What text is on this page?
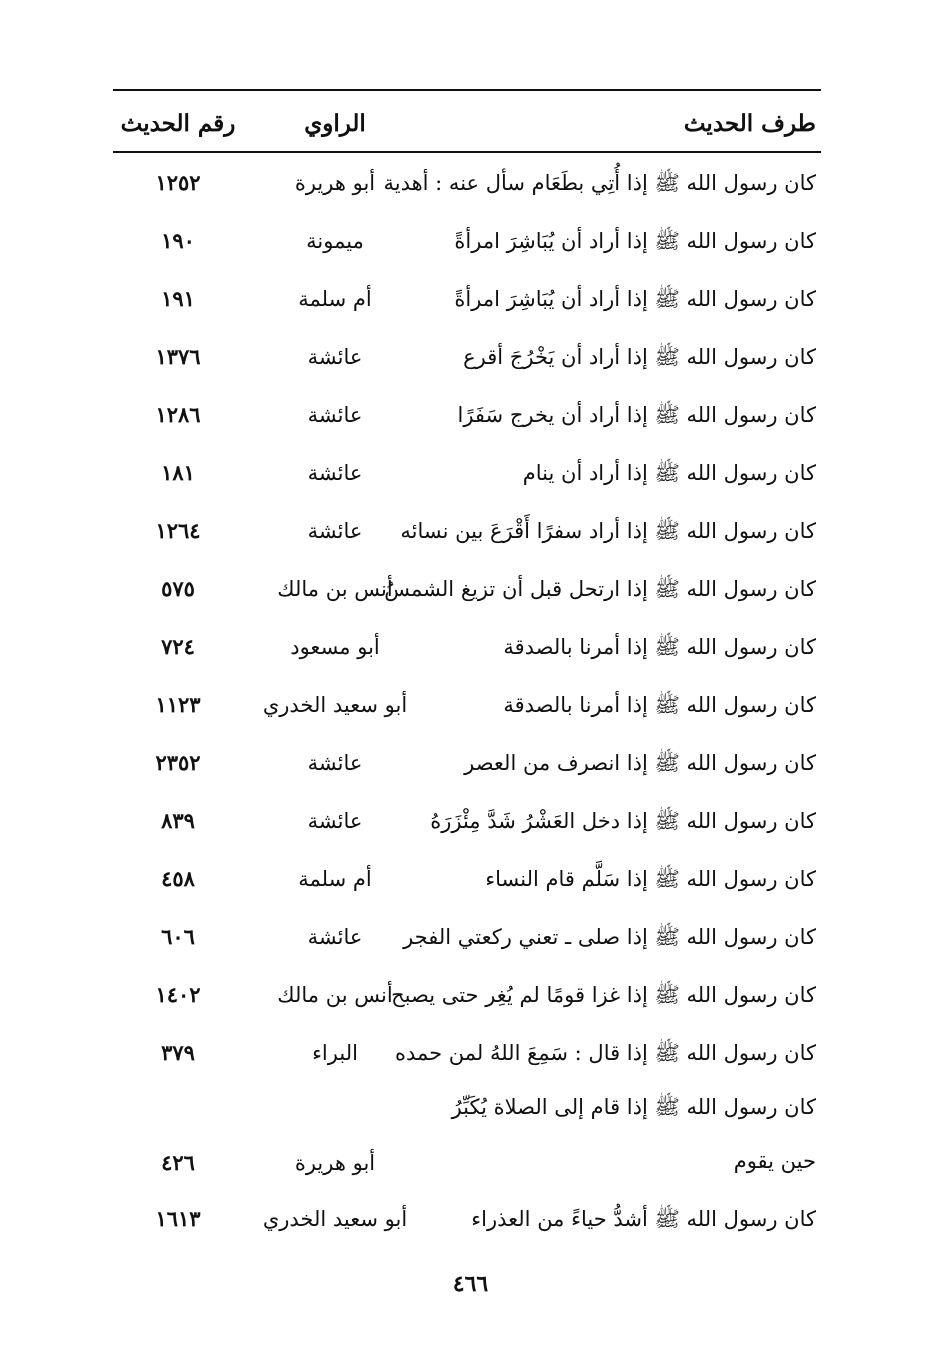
طرف الحديث
الراوي
رقم الحديث
كان رسول الله ﷺ إذا أُتِي بطَعَام سأل عنه : أهدية
أبو هريرة
١٢٥٢
كان رسول الله ﷺ إذا أراد أن يُبَاشِرَ امرأةً
ميمونة
١٩٠
كان رسول الله ﷺ إذا أراد أن يُبَاشِرَ امرأةً
أم سلمة
١٩١
كان رسول الله ﷺ إذا أراد أن يَخْرُجَ أقرع
عائشة
١٣٧٦
كان رسول الله ﷺ إذا أراد أن يخرج سَفَرًا
عائشة
١٢٨٦
كان رسول الله ﷺ إذا أراد أن ينام
عائشة
١٨١
كان رسول الله ﷺ إذا أراد سفرًا أَقْرَعَ بين نسائه
عائشة
١٢٦٤
كان رسول الله ﷺ إذا ارتحل قبل أن تزيغ الشمسُ
أنس بن مالك
٥٧٥
كان رسول الله ﷺ إذا أمرنا بالصدقة
أبو مسعود
٧٢٤
كان رسول الله ﷺ إذا أمرنا بالصدقة
أبو سعيد الخدري
١١٢٣
كان رسول الله ﷺ إذا انصرف من العصر
عائشة
٢٣٥٢
كان رسول الله ﷺ إذا دخل العَشْرُ شَدَّ مِئْزَرَهُ
عائشة
٨٣٩
كان رسول الله ﷺ إذا سَلَّم قام النساء
أم سلمة
٤٥٨
كان رسول الله ﷺ إذا صلى ـ تعني ركعتي الفجر
عائشة
٦٠٦
كان رسول الله ﷺ إذا غزا قومًا لم يُغِر حتى يصبح
أنس بن مالك
١٤٠٢
كان رسول الله ﷺ إذا قال : سَمِعَ اللهُ لمن حمده
البراء
٣٧٩
كان رسول الله ﷺ إذا قام إلى الصلاة يُكَبِّرُ حين يقوم
أبو هريرة
٤٢٦
كان رسول الله ﷺ أشدُّ حياءً من العذراء
أبو سعيد الخدري
١٦١٣
٤٦٦
